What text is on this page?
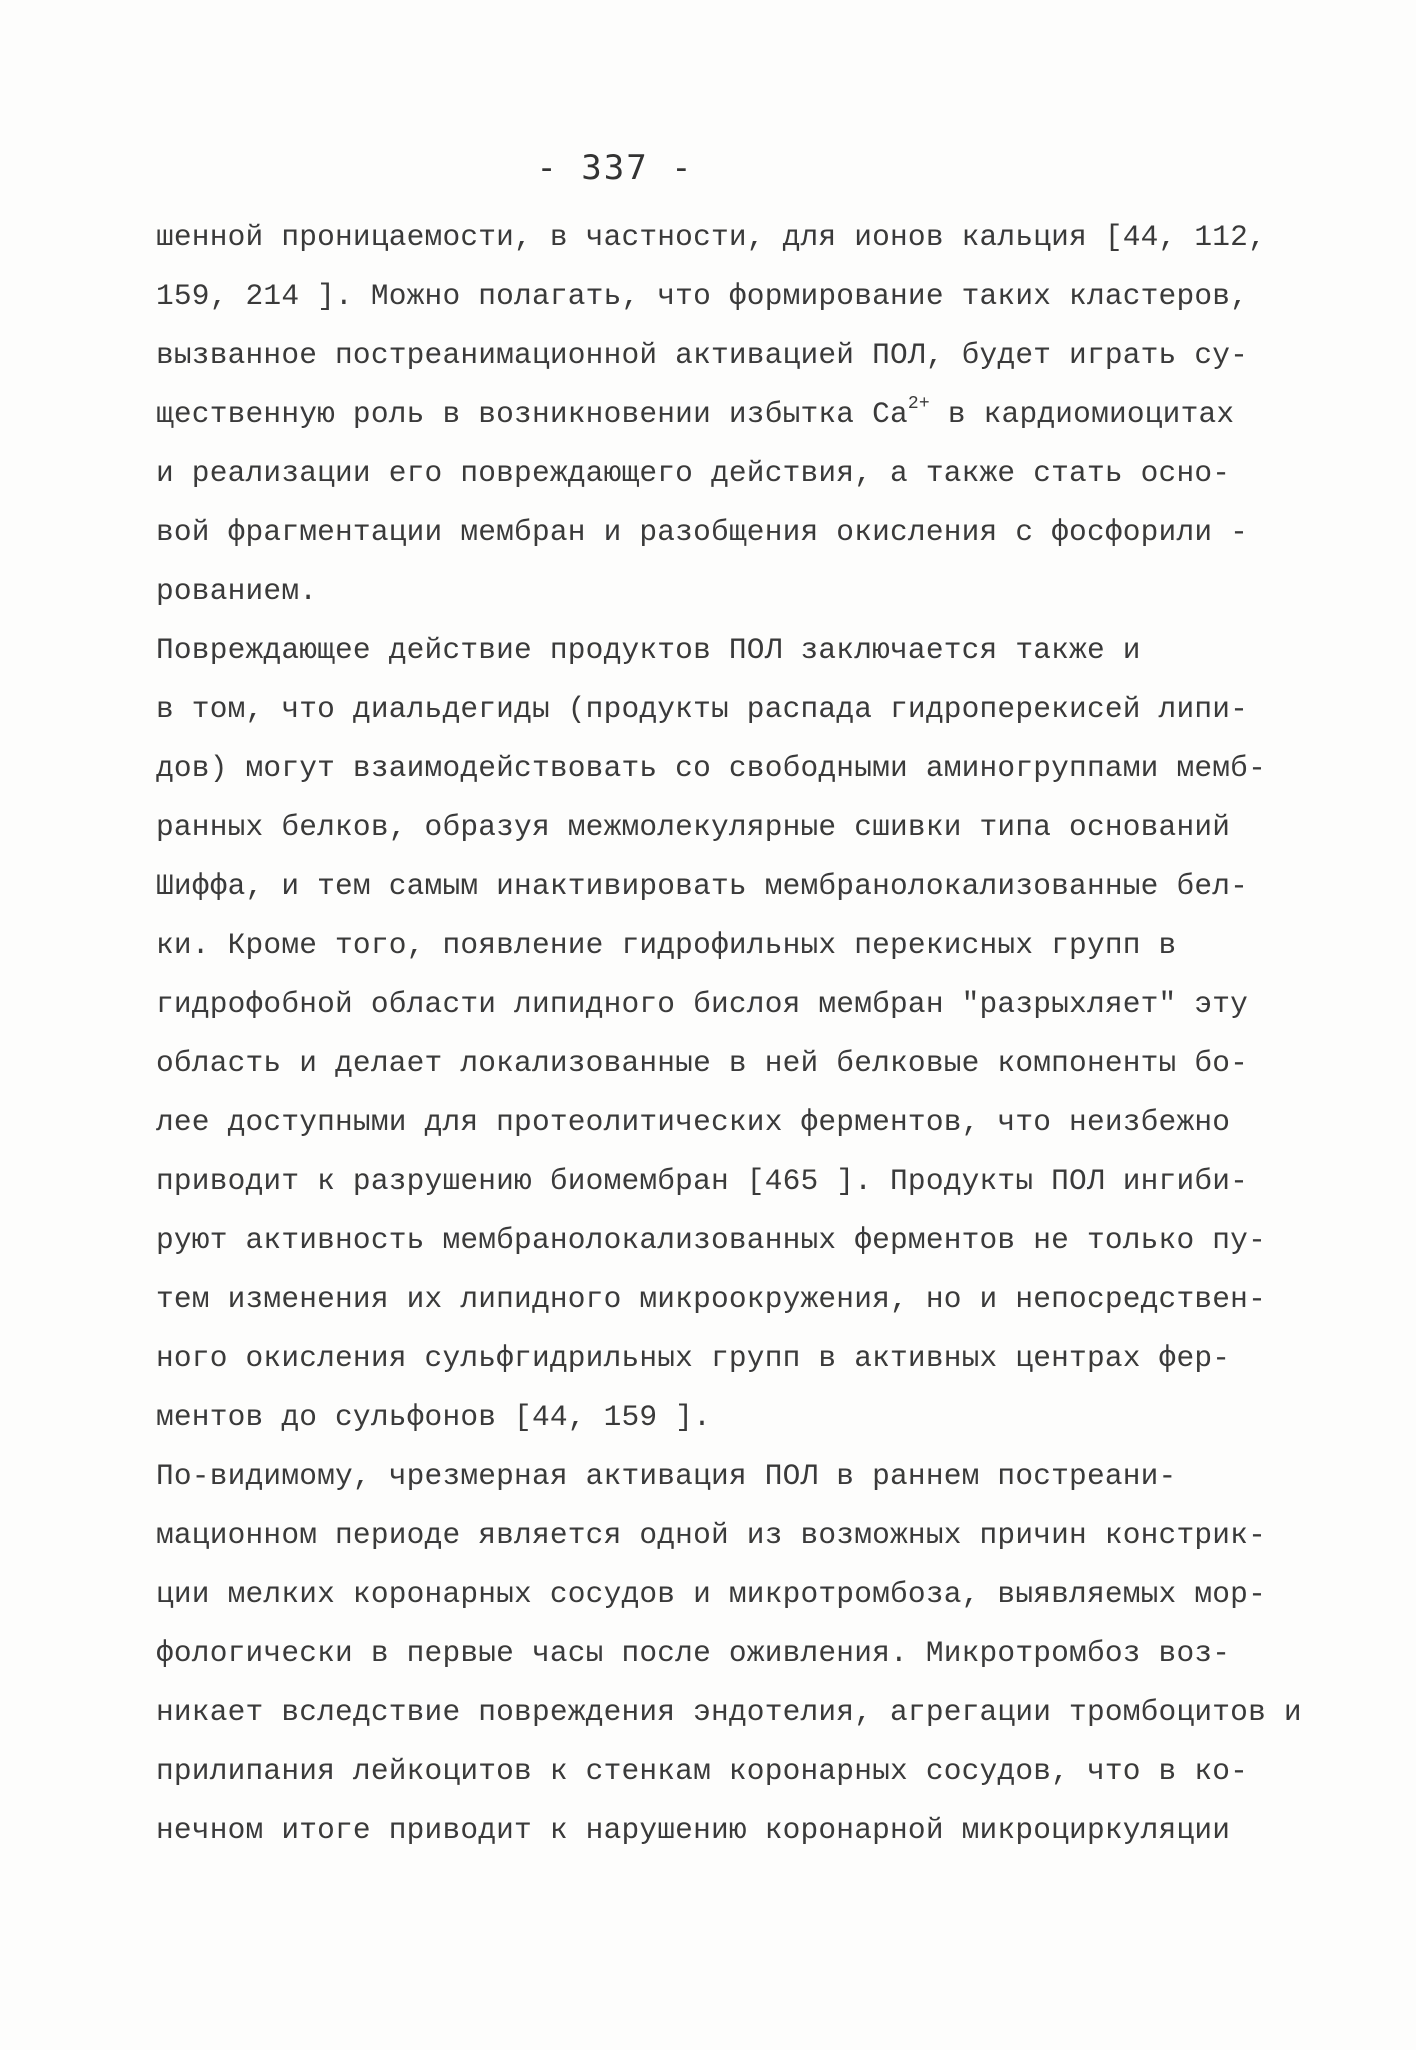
- 337 -
шенной проницаемости, в частности, для ионов кальция [44, 112,
159, 214 ]. Можно полагать, что формирование таких кластеров,
вызванное постреанимационной активацией ПОЛ, будет играть су-
щественную роль в возникновении избытка $Ca^{2+}$ в кардиомиоцитах
и реализации его повреждающего действия, а также стать осно-
вой фрагментации мембран и разобщения окисления с фосфорили -
рованием.
Повреждающее действие продуктов ПОЛ заключается также и
в том, что диальдегиды (продукты распада гидроперекисей липи-
дов) могут взаимодействовать со свободными аминогруппами мемб-
ранных белков, образуя межмолекулярные сшивки типа оснований
Шиффа, и тем самым инактивировать мембранолокализованные бел-
ки. Кроме того, появление гидрофильных перекисных групп в
гидрофобной области липидного бислоя мембран "разрыхляет" эту
область и делает локализованные в ней белковые компоненты бо-
лее доступными для протеолитических ферментов, что неизбежно
приводит к разрушению биомембран [465 ]. Продукты ПОЛ ингиби-
руют активность мембранолокализованных ферментов не только пу-
тем изменения их липидного микроокружения, но и непосредствен-
ного окисления сульфгидрильных групп в активных центрах фер-
ментов до сульфонов [44, 159 ].
По-видимому, чрезмерная активация ПОЛ в раннем постреани-
мационном периоде является одной из возможных причин констрик-
ции мелких коронарных сосудов и микротромбоза, выявляемых мор-
фологически в первые часы после оживления. Микротромбоз воз-
никает вследствие повреждения эндотелия, агрегации тромбоцитов и
прилипания лейкоцитов к стенкам коронарных сосудов, что в ко-
нечном итоге приводит к нарушению коронарной микроциркуляции
